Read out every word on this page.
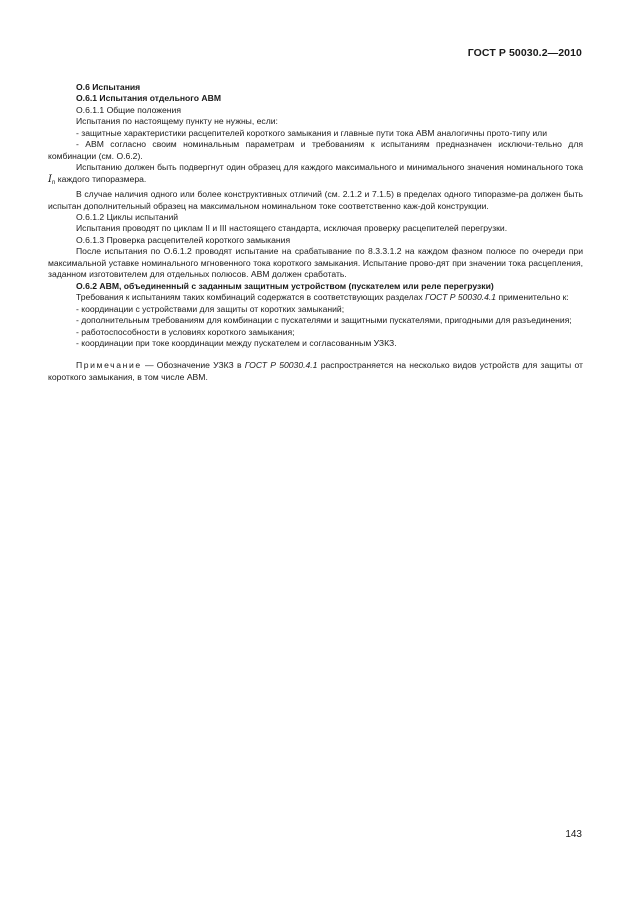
ГОСТ Р 50030.2—2010

О.6 Испытания

О.6.1 Испытания отдельного АВМ

О.6.1.1 Общие положения

Испытания по настоящему пункту не нужны, если:

- защитные характеристики расцепителей короткого замыкания и главные пути тока АВМ аналогичны прото-типу или

- АВМ согласно своим номинальным параметрам и требованиям к испытаниям предназначен исключи-тельно для комбинации (см. О.6.2).

Испытанию должен быть подвергнут один образец для каждого максимального и минимального значения номинального тока $I_n$ каждого типоразмера.

В случае наличия одного или более конструктивных отличий (см. 2.1.2 и 7.1.5) в пределах одного типоразме-ра должен быть испытан дополнительный образец на максимальном номинальном токе соответственно каж-дой конструкции.

О.6.1.2 Циклы испытаний

Испытания проводят по циклам II и III настоящего стандарта, исключая проверку расцепителей перегрузки.

О.6.1.3 Проверка расцепителей короткого замыкания

После испытания по О.6.1.2 проводят испытание на срабатывание по 8.3.3.1.2 на каждом фазном полюсе по очереди при максимальной уставке номинального мгновенного тока короткого замыкания. Испытание прово-дят при значении тока расцепления, заданном изготовителем для отдельных полюсов. АВМ должен сработать.

О.6.2 АВМ, объединенный с заданным защитным устройством (пускателем или реле перегрузки)

Требования к испытаниям таких комбинаций содержатся в соответствующих разделах ГОСТ Р 50030.4.1 применительно к:

- координации с устройствами для защиты от коротких замыканий;

- дополнительным требованиям для комбинации с пускателями и защитными пускателями, пригодными для разъединения;

- работоспособности в условиях короткого замыкания;

- координации при токе координации между пускателем и согласованным УЗКЗ.

Примечание — Обозначение УЗКЗ в ГОСТ Р 50030.4.1 распространяется на несколько видов устройств для защиты от короткого замыкания, в том числе АВМ.

143
